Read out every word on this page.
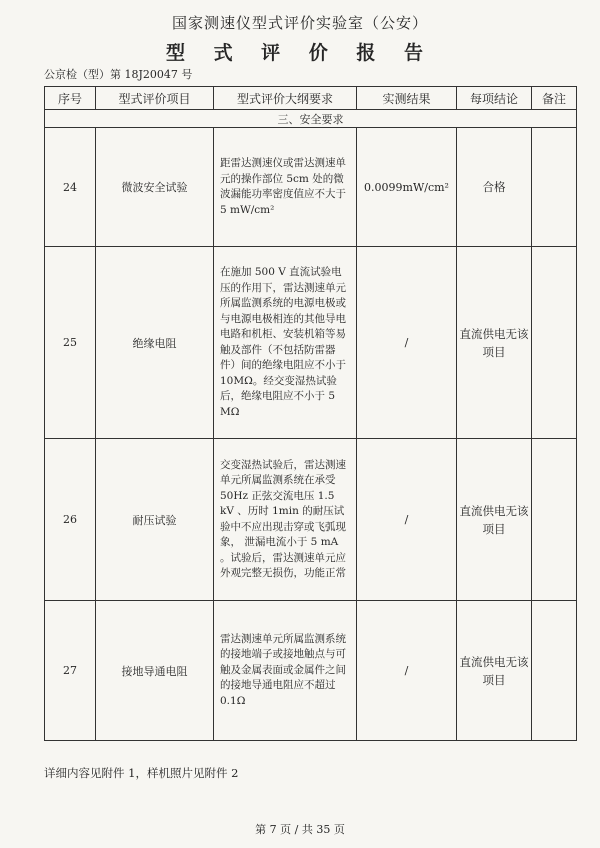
国家测速仪型式评价实验室（公安）
型 式 评 价 报 告
公京检（型）第 18J20047 号
序号	型式评价项目	型式评价大纲要求	实测结果	每项结论	备注
三、安全要求					
24	微波安全试验	距雷达测速仪或雷达测速单元的操作部位 5cm 处的微波漏能功率密度值应不大于 5 mW/cm²	0.0099mW/cm²	合格	
25	绝缘电阻	在施加 500 V 直流试验电压的作用下，雷达测速单元所属监测系统的电源电极或与电源电极相连的其他导电电路和机柜、安装机箱等易触及部件（不包括防雷器件）间的绝缘电阻应不小于 10MΩ。经交变湿热试验后，绝缘电阻应不小于 5 MΩ	/	直流供电无该项目	
26	耐压试验	交变湿热试验后，雷达测速单元所属监测系统在承受 50Hz 正弦交流电压 1.5 kV 、历时 1min 的耐压试验中不应出现击穿或飞弧现象， 泄漏电流小于 5 mA 。试验后，雷达测速单元应外观完整无损伤，功能正常	/	直流供电无该项目	
27	接地导通电阻	雷达测速单元所属监测系统的接地端子或接地触点与可触及金属表面或金属件之间的接地导通电阻应不超过 0.1Ω	/	直流供电无该项目	
详细内容见附件 1，样机照片见附件 2
第 7 页 / 共 35 页
